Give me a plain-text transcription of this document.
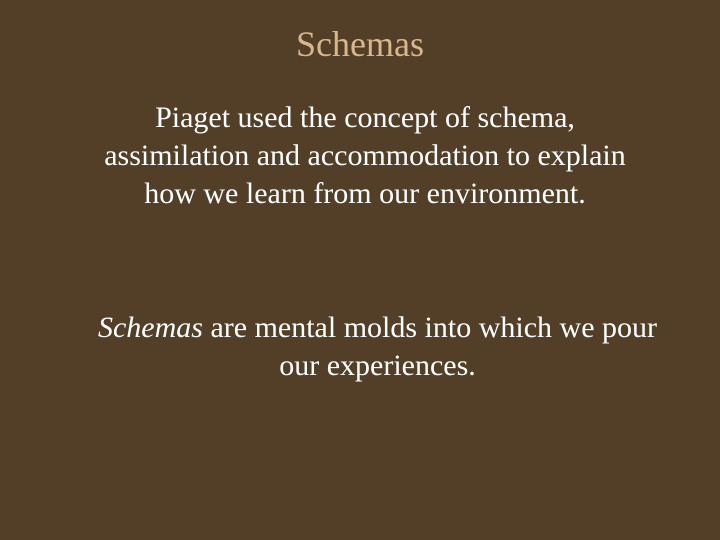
Schemas

Piaget used the concept of schema, assimilation and accommodation to explain how we learn from our environment.

Schemas are mental molds into which we pour our experiences.
